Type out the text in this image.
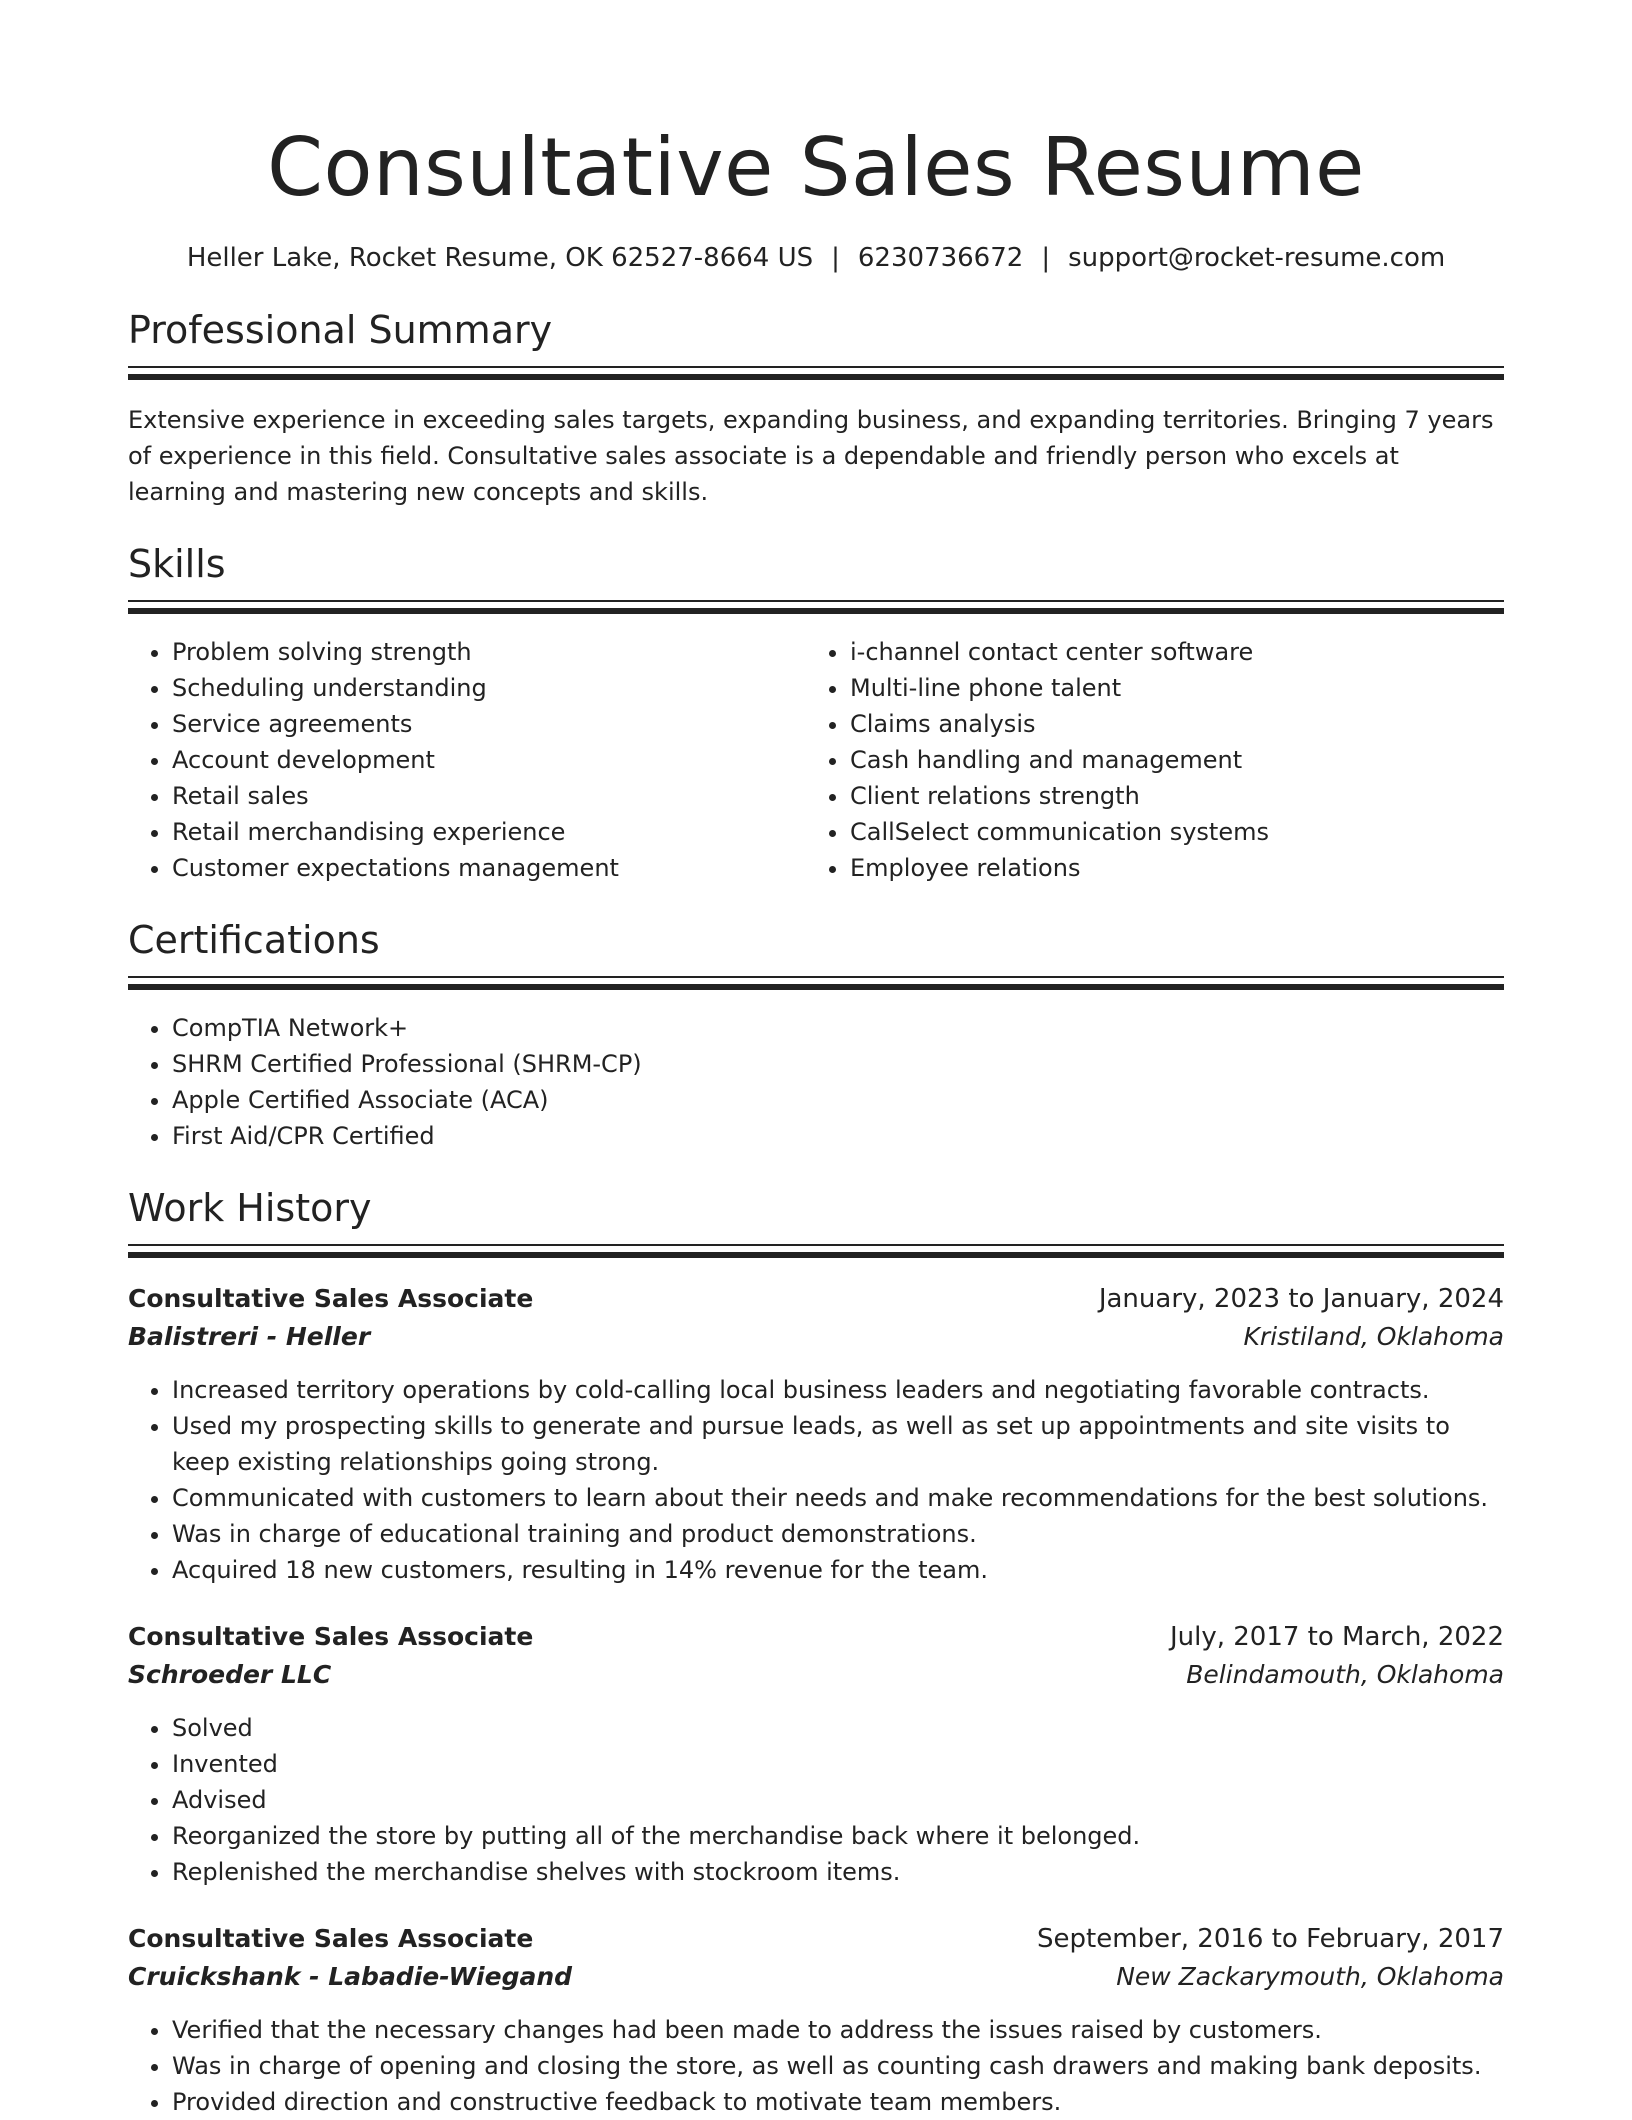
Consultative Sales Resume
Heller Lake, Rocket Resume, OK 62527-8664 US | 6230736672 | support@rocket-resume.com
Professional Summary

Extensive experience in exceeding sales targets, expanding business, and expanding territories. Bringing 7 years of experience in this field. Consultative sales associate is a dependable and friendly person who excels at learning and mastering new concepts and skills.

Skills
• Problem solving strength
• Scheduling understanding
• Service agreements
• Account development
• Retail sales
• Retail merchandising experience
• Customer expectations management
• i-channel contact center software
• Multi-line phone talent
• Claims analysis
• Cash handling and management
• Client relations strength
• CallSelect communication systems
• Employee relations
Certifications
• CompTIA Network+
• SHRM Certified Professional (SHRM-CP)
• Apple Certified Associate (ACA)
• First Aid/CPR Certified
Work History
Consultative Sales Associate	January, 2023 to January, 2024
Balistreri - Heller	Kristiland, Oklahoma
• Increased territory operations by cold-calling local business leaders and negotiating favorable contracts.
• Used my prospecting skills to generate and pursue leads, as well as set up appointments and site visits to keep existing relationships going strong.
• Communicated with customers to learn about their needs and make recommendations for the best solutions.
• Was in charge of educational training and product demonstrations.
• Acquired 18 new customers, resulting in 14% revenue for the team.
Consultative Sales Associate	July, 2017 to March, 2022
Schroeder LLC	Belindamouth, Oklahoma
• Solved
• Invented
• Advised
• Reorganized the store by putting all of the merchandise back where it belonged.
• Replenished the merchandise shelves with stockroom items.
Consultative Sales Associate	September, 2016 to February, 2017
Cruickshank - Labadie-Wiegand	New Zackarymouth, Oklahoma
• Verified that the necessary changes had been made to address the issues raised by customers.
• Was in charge of opening and closing the store, as well as counting cash drawers and making bank deposits.
• Provided direction and constructive feedback to motivate team members.
